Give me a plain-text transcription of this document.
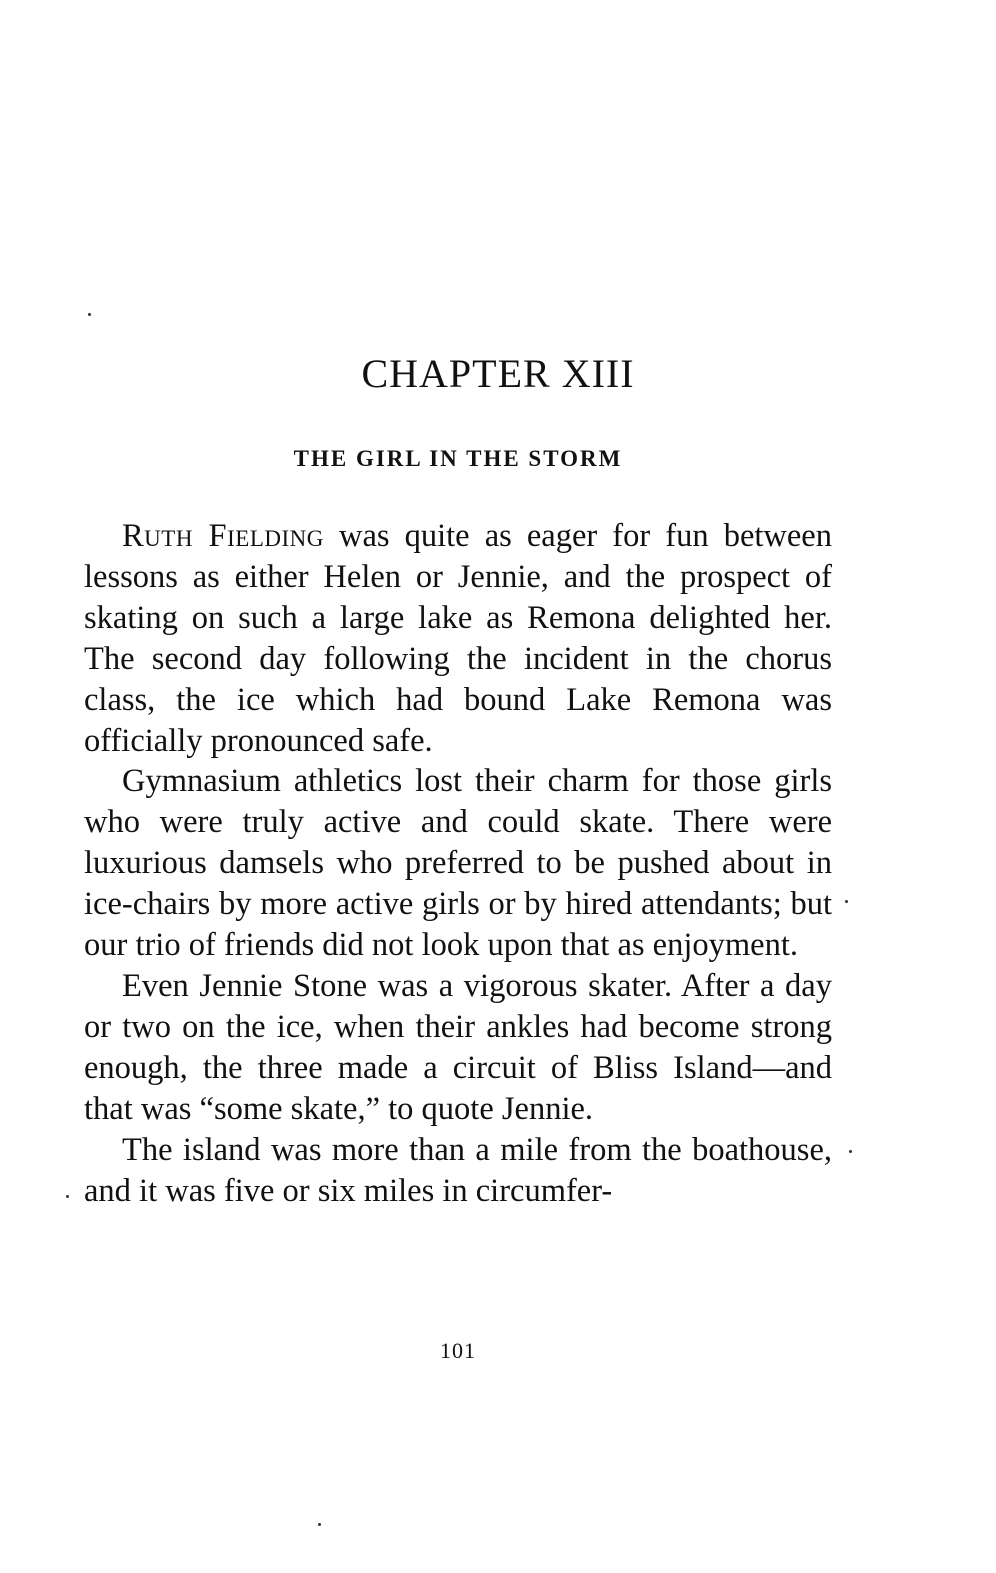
CHAPTER XIII
THE GIRL IN THE STORM

Ruth Fielding was quite as eager for fun between lessons as either Helen or Jennie, and the prospect of skating on such a large lake as Remona delighted her. The second day following the incident in the chorus class, the ice which had bound Lake Remona was officially pronounced safe.

Gymnasium athletics lost their charm for those girls who were truly active and could skate. There were luxurious damsels who preferred to be pushed about in ice-chairs by more active girls or by hired attendants; but our trio of friends did not look upon that as enjoyment.

Even Jennie Stone was a vigorous skater. After a day or two on the ice, when their ankles had become strong enough, the three made a circuit of Bliss Island—and that was “some skate,” to quote Jennie.

The island was more than a mile from the boathouse, and it was five or six miles in circumfer-

101
